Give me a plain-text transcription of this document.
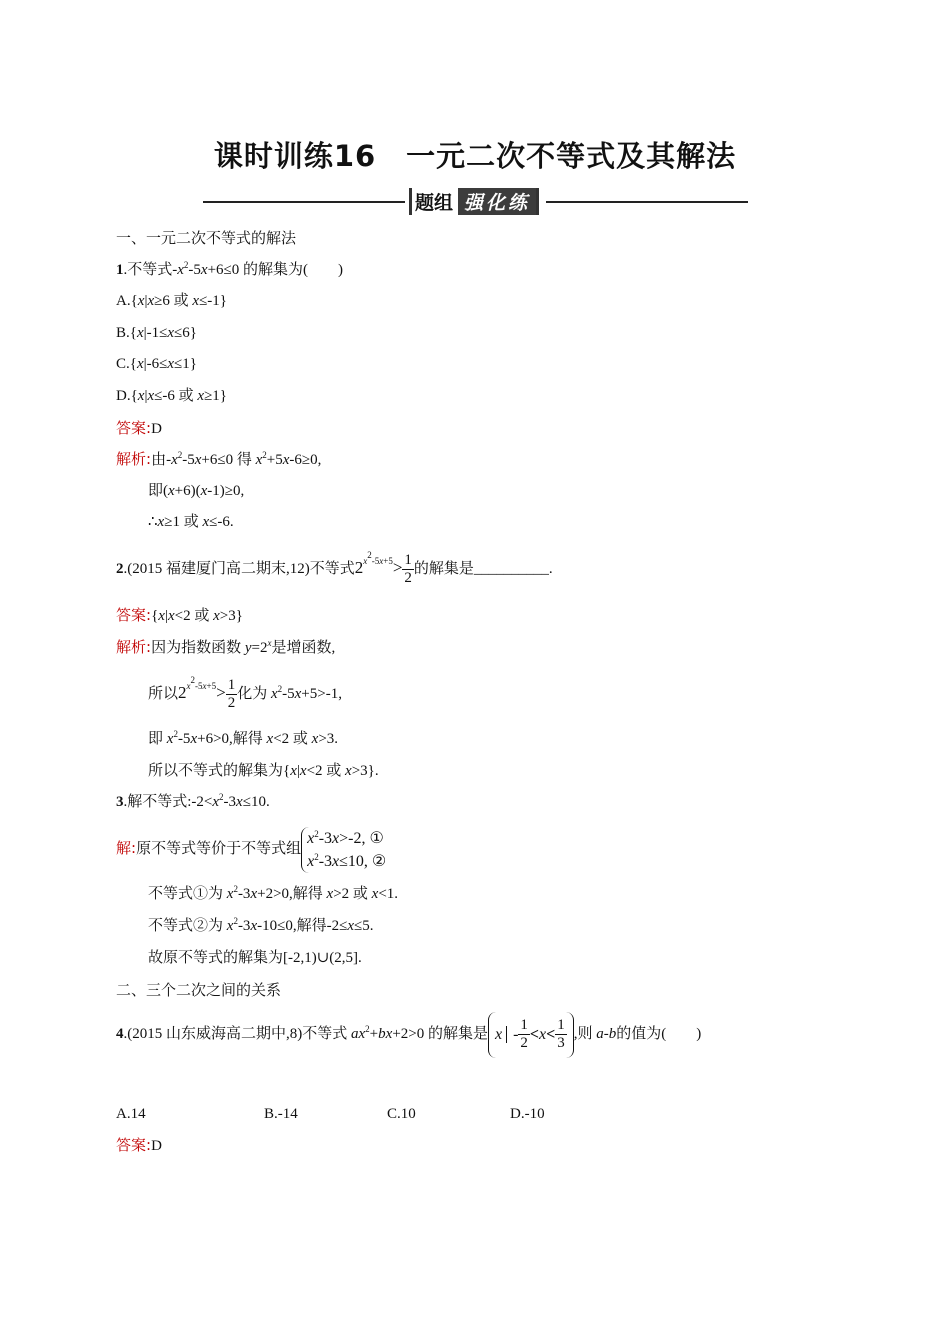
课时训练16　一元二次不等式及其解法
题组 强化练
一、一元二次不等式的解法
1.不等式$-x^2-5x+6\le 0$ 的解集为(　　)
A.{x|x≥6 或 x≤-1}
B.{x|-1≤x≤6}
C.{x|-6≤x≤1}
D.{x|x≤-6 或 x≥1}
答案:D
解析:由$-x^2-5x+6\le 0$ 得 $x^2+5x-6\ge 0$,
即(x+6)(x-1)≥0,
∴x≥1 或 x≤-6.
2.(2015 福建厦门高二期末,12)不等式$2^{x^2-5x+5}> \frac{1}{2}$ 的解集是__________.
答案:{x|x<2 或 x>3}
解析:因为指数函数 $y=2^x$是增函数,
所以$2^{x^2-5x+5}> \frac{1}{2}$ 化为 $x^2-5x+5>-1$,
即 $x^2-5x+6>0$,解得 x<2 或 x>3.
所以不等式的解集为{x|x<2 或 x>3}.
3.解不等式$:-2<x^2-3x\le 10$.
解:原不等式等价于不等式组
$x^2-3x>-2$, ①
$x^2-3x\le 10$, ②
不等式①为 $x^2-3x+2>0$,解得 x>2 或 x<1.
不等式②为 $x^2-3x-10\le 0$,解得-2≤x≤5.
故原不等式的解集为[-2,1)∪(2,5].
二、三个二次之间的关系
4.(2015 山东威海高二期中,8)不等式 $ax^2+bx+2>0$ 的解集是 $x - \frac{1}{2} <x< \frac{1}{3}$ ,则 a-b的值为(　　)
A.14	B.-14	C.10	D.-10
答案:D
